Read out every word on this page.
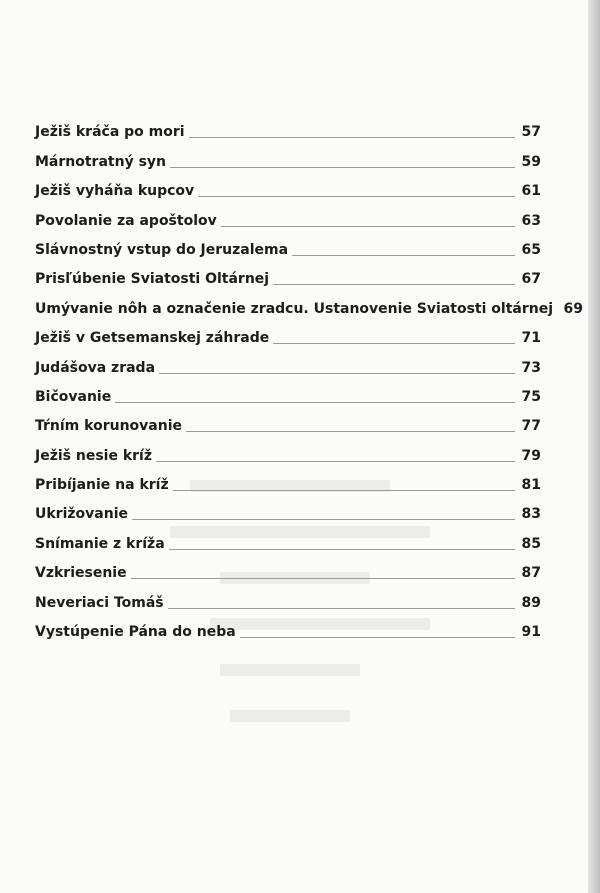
Ježiš kráča po mori	57
Márnotratný syn	59
Ježiš vyháňa kupcov	61
Povolanie za apoštolov	63
Slávnostný vstup do Jeruzalema	65
Prisľúbenie Sviatosti Oltárnej	67
Umývanie nôh a označenie zradcu. Ustanovenie Sviatosti oltárnej 69
Ježiš v Getsemanskej záhrade	71
Judášova zrada	73
Bičovanie	75
Tŕním korunovanie	77
Ježiš nesie kríž	79
Pribíjanie na kríž	81
Ukrižovanie	83
Snímanie z kríža	85
Vzkriesenie	87
Neveriaci Tomáš	89
Vystúpenie Pána do neba	91
